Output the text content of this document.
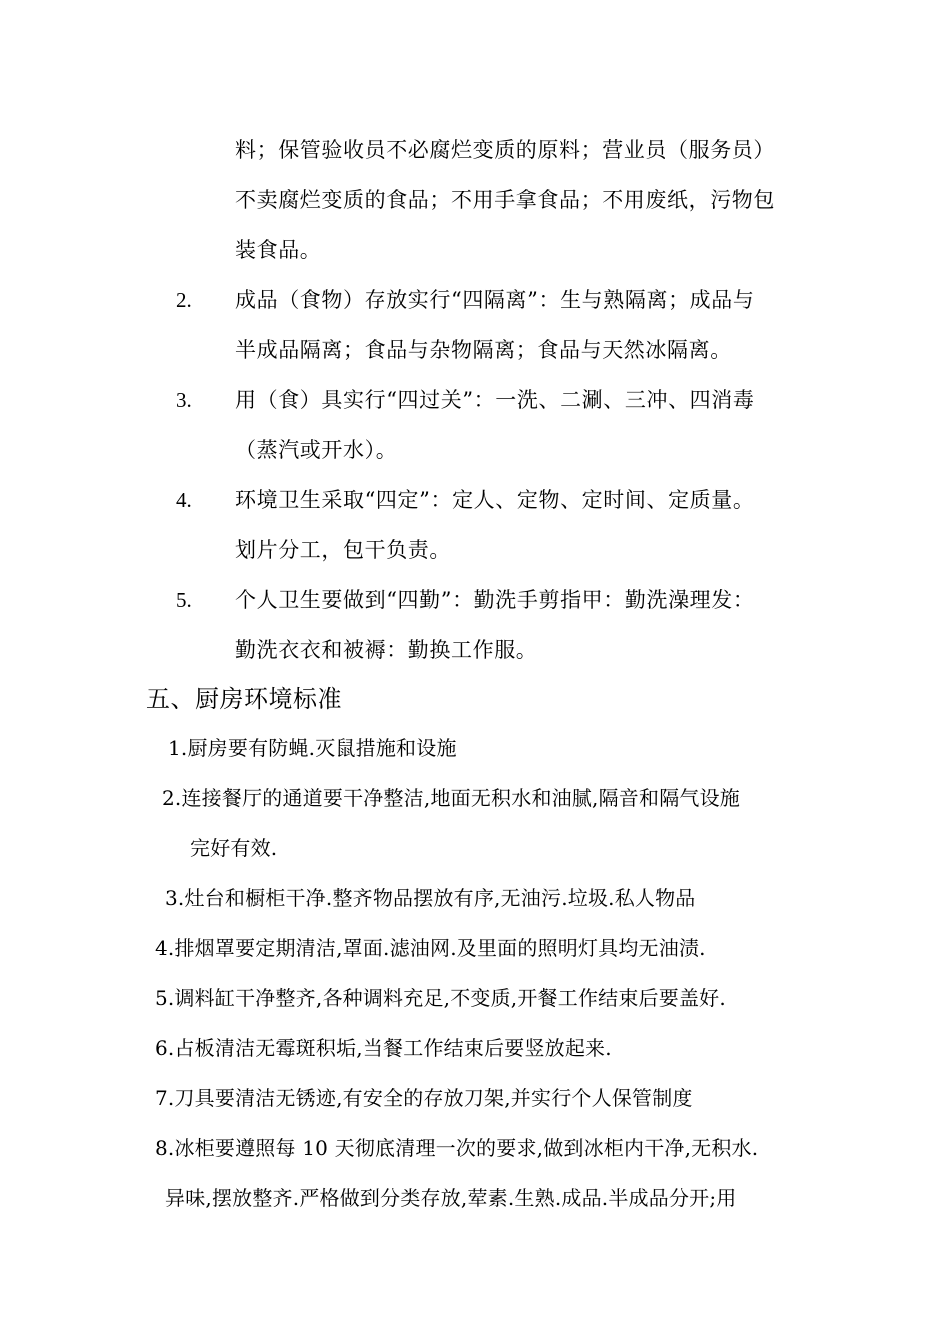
料；保管验收员不必腐烂变质的原料；营业员（服务员）
不卖腐烂变质的食品；不用手拿食品；不用废纸，污物包
装食品。
2. 成品（食物）存放实行“四隔离”：生与熟隔离；成品与
半成品隔离；食品与杂物隔离；食品与天然冰隔离。
3. 用（食）具实行“四过关”：一洗、二涮、三冲、四消毒
（蒸汽或开水）。
4. 环境卫生采取“四定”：定人、定物、定时间、定质量。
划片分工，包干负责。
5. 个人卫生要做到“四勤”：勤洗手剪指甲：勤洗澡理发：
勤洗衣衣和被褥：勤换工作服。
五、厨房环境标准
1.厨房要有防蝇.灭鼠措施和设施
2.连接餐厅的通道要干净整洁,地面无积水和油腻,隔音和隔气设施
完好有效.
3.灶台和橱柜干净.整齐物品摆放有序,无油污.垃圾.私人物品
4.排烟罩要定期清洁,罩面.滤油网.及里面的照明灯具均无油渍.
5.调料缸干净整齐,各种调料充足,不变质,开餐工作结束后要盖好.
6.占板清洁无霉斑积垢,当餐工作结束后要竖放起来.
7.刀具要清洁无锈迹,有安全的存放刀架,并实行个人保管制度
8.冰柜要遵照每 10 天彻底清理一次的要求,做到冰柜内干净,无积水.
异味,摆放整齐.严格做到分类存放,荤素.生熟.成品.半成品分开;用
